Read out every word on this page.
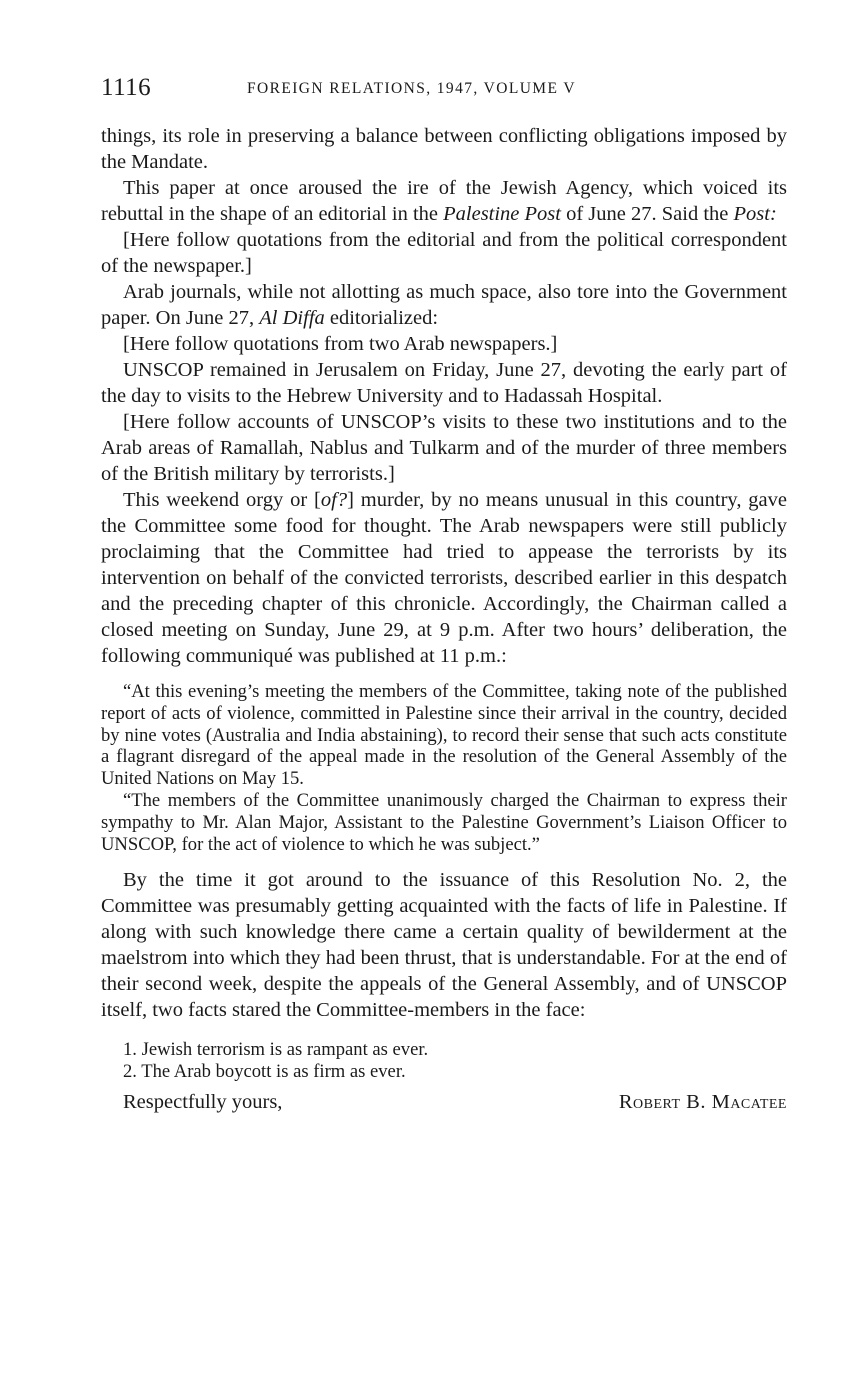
1116	FOREIGN RELATIONS, 1947, VOLUME V

things, its role in preserving a balance between conflicting obligations imposed by the Mandate.

This paper at once aroused the ire of the Jewish Agency, which voiced its rebuttal in the shape of an editorial in the Palestine Post of June 27. Said the Post:

[Here follow quotations from the editorial and from the political correspondent of the newspaper.]

Arab journals, while not allotting as much space, also tore into the Government paper. On June 27, Al Diffa editorialized:

[Here follow quotations from two Arab newspapers.]

UNSCOP remained in Jerusalem on Friday, June 27, devoting the early part of the day to visits to the Hebrew University and to Hadassah Hospital.

[Here follow accounts of UNSCOP’s visits to these two institutions and to the Arab areas of Ramallah, Nablus and Tulkarm and of the murder of three members of the British military by terrorists.]

This weekend orgy or [of?] murder, by no means unusual in this country, gave the Committee some food for thought. The Arab newspapers were still publicly proclaiming that the Committee had tried to appease the terrorists by its intervention on behalf of the convicted terrorists, described earlier in this despatch and the preceding chapter of this chronicle. Accordingly, the Chairman called a closed meeting on Sunday, June 29, at 9 p.m. After two hours’ deliberation, the following communiqué was published at 11 p.m.:

“At this evening’s meeting the members of the Committee, taking note of the published report of acts of violence, committed in Palestine since their arrival in the country, decided by nine votes (Australia and India abstaining), to record their sense that such acts constitute a flagrant disregard of the appeal made in the resolution of the General Assembly of the United Nations on May 15.

“The members of the Committee unanimously charged the Chairman to express their sympathy to Mr. Alan Major, Assistant to the Palestine Government’s Liaison Officer to UNSCOP, for the act of violence to which he was subject.”

By the time it got around to the issuance of this Resolution No. 2, the Committee was presumably getting acquainted with the facts of life in Palestine. If along with such knowledge there came a certain quality of bewilderment at the maelstrom into which they had been thrust, that is understandable. For at the end of their second week, despite the appeals of the General Assembly, and of UNSCOP itself, two facts stared the Committee-members in the face:

1. Jewish terrorism is as rampant as ever.
2. The Arab boycott is as firm as ever.
Respectfully yours,	Robert B. Macatee
